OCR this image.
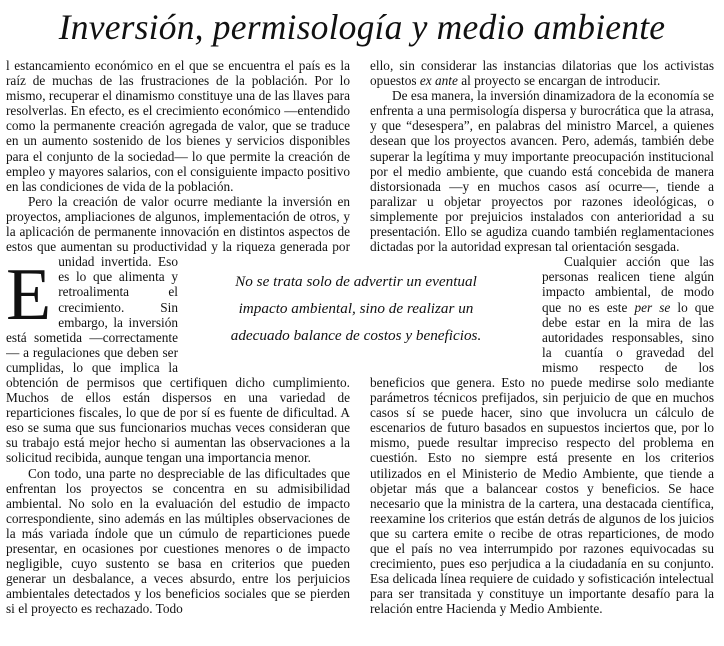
Inversión, permisología y medio ambiente
E

l estancamiento económico en el que se encuentra el país es la raíz de muchas de las frustraciones de la población. Por lo mismo, recuperar el dinamismo constituye una de las llaves para resolverlas. En efecto, es el crecimiento económico —entendido como la permanente creación agregada de valor, que se traduce en un aumento sostenido de los bienes y servicios disponibles para el conjunto de la sociedad— lo que permite la creación de empleo y mayores salarios, con el consiguiente impacto positivo en las condiciones de vida de la población.

Pero la creación de valor ocurre mediante la inversión en proyectos, ampliaciones de algunos, implementación de otros, y la aplicación de permanente innovación en distintos aspectos de estos que aumentan su productividad y la riqueza generada por unidad invertida. Eso es lo que alimenta y retroalimenta el crecimiento. Sin embargo, la inversión está sometida —correctamente— a regulaciones que deben ser cumplidas, lo que implica la obtención de permisos que certifiquen dicho cumplimiento. Muchos de ellos están dispersos en una variedad de reparticiones fiscales, lo que de por sí es fuente de dificultad. A eso se suma que sus funcionarios muchas veces consideran que su trabajo está mejor hecho si aumentan las observaciones a la solicitud recibida, aunque tengan una importancia menor.

Con todo, una parte no despreciable de las dificultades que enfrentan los proyectos se concentra en su admisibilidad ambiental. No solo en la evaluación del estudio de impacto correspondiente, sino además en las múltiples observaciones de la más variada índole que un cúmulo de reparticiones puede presentar, en ocasiones por cuestiones menores o de impacto negligible, cuyo sustento se basa en criterios que pueden generar un desbalance, a veces absurdo, entre los perjuicios ambientales detectados y los beneficios sociales que se pierden si el proyecto es rechazado. Todo

ello, sin considerar las instancias dilatorias que los activistas opuestos ex ante al proyecto se encargan de introducir.

De esa manera, la inversión dinamizadora de la economía se enfrenta a una permisología dispersa y burocrática que la atrasa, y que “desespera”, en palabras del ministro Marcel, a quienes desean que los proyectos avancen. Pero, además, también debe superar la legítima y muy importante preocupación institucional por el medio ambiente, que cuando está concebida de manera distorsionada —y en muchos casos así ocurre—, tiende a paralizar u objetar proyectos por razones ideológicas, o simplemente por prejuicios instalados con anterioridad a su presentación. Ello se agudiza cuando también reglamentaciones dictadas por la autoridad expresan tal orientación sesgada.

Cualquier acción que las personas realicen tiene algún impacto ambiental, de modo que no es este per se lo que debe estar en la mira de las autoridades responsables, sino la cuantía o gravedad del mismo respecto de los beneficios que genera. Esto no puede medirse solo mediante parámetros técnicos prefijados, sin perjuicio de que en muchos casos sí se puede hacer, sino que involucra un cálculo de escenarios de futuro basados en supuestos inciertos que, por lo mismo, puede resultar impreciso respecto del problema en cuestión. Esto no siempre está presente en los criterios utilizados en el Ministerio de Medio Ambiente, que tiende a objetar más que a balancear costos y beneficios. Se hace necesario que la ministra de la cartera, una destacada científica, reexamine los criterios que están detrás de algunos de los juicios que su cartera emite o recibe de otras reparticiones, de modo que el país no vea interrumpido por razones equivocadas su crecimiento, pues eso perjudica a la ciudadanía en su conjunto. Esa delicada línea requiere de cuidado y sofisticación intelectual para ser transitada y constituye un importante desafío para la relación entre Hacienda y Medio Ambiente.

No se trata solo de advertir un eventual
impacto ambiental, sino de realizar un
adecuado balance de costos y beneficios.
